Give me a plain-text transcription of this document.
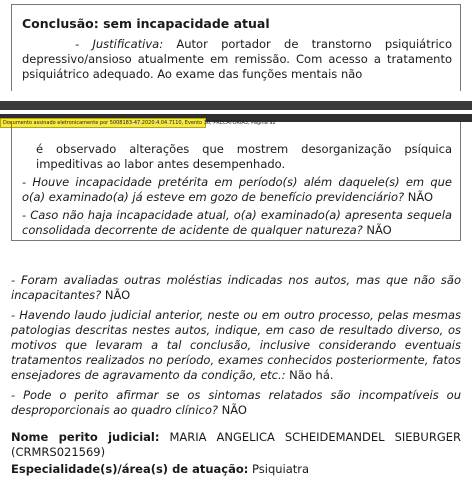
Conclusão: sem incapacidade atual

- Justificativa: Autor portador de transtorno psiquiátrico depressivo/ansioso atualmente em remissão. Com acesso a tratamento psiquiátrico adequado. Ao exame das funções mentais não

Documento assinado eletronicamente por 5008183-47.2020.4.04.7110, Evento 38, PRECATORIA3, Página 92

é observado alterações que mostrem desorganização psíquica impeditivas ao labor antes desempenhado.

- Houve incapacidade pretérita em período(s) além daquele(s) em que o(a) examinado(a) já esteve em gozo de benefício previdenciário? NÃO

- Caso não haja incapacidade atual, o(a) examinado(a) apresenta sequela consolidada decorrente de acidente de qualquer natureza? NÃO

- Foram avaliadas outras moléstias indicadas nos autos, mas que não são incapacitantes? NÃO

- Havendo laudo judicial anterior, neste ou em outro processo, pelas mesmas patologias descritas nestes autos, indique, em caso de resultado diverso, os motivos que levaram a tal conclusão, inclusive considerando eventuais tratamentos realizados no período, exames conhecidos posteriormente, fatos ensejadores de agravamento da condição, etc.: Não há.

- Pode o perito afirmar se os sintomas relatados são incompatíveis ou desproporcionais ao quadro clínico? NÃO

Nome perito judicial: MARIA ANGELICA SCHEIDEMANDEL SIEBURGER (CRMRS021569)
Especialidade(s)/área(s) de atuação: Psiquiatra
